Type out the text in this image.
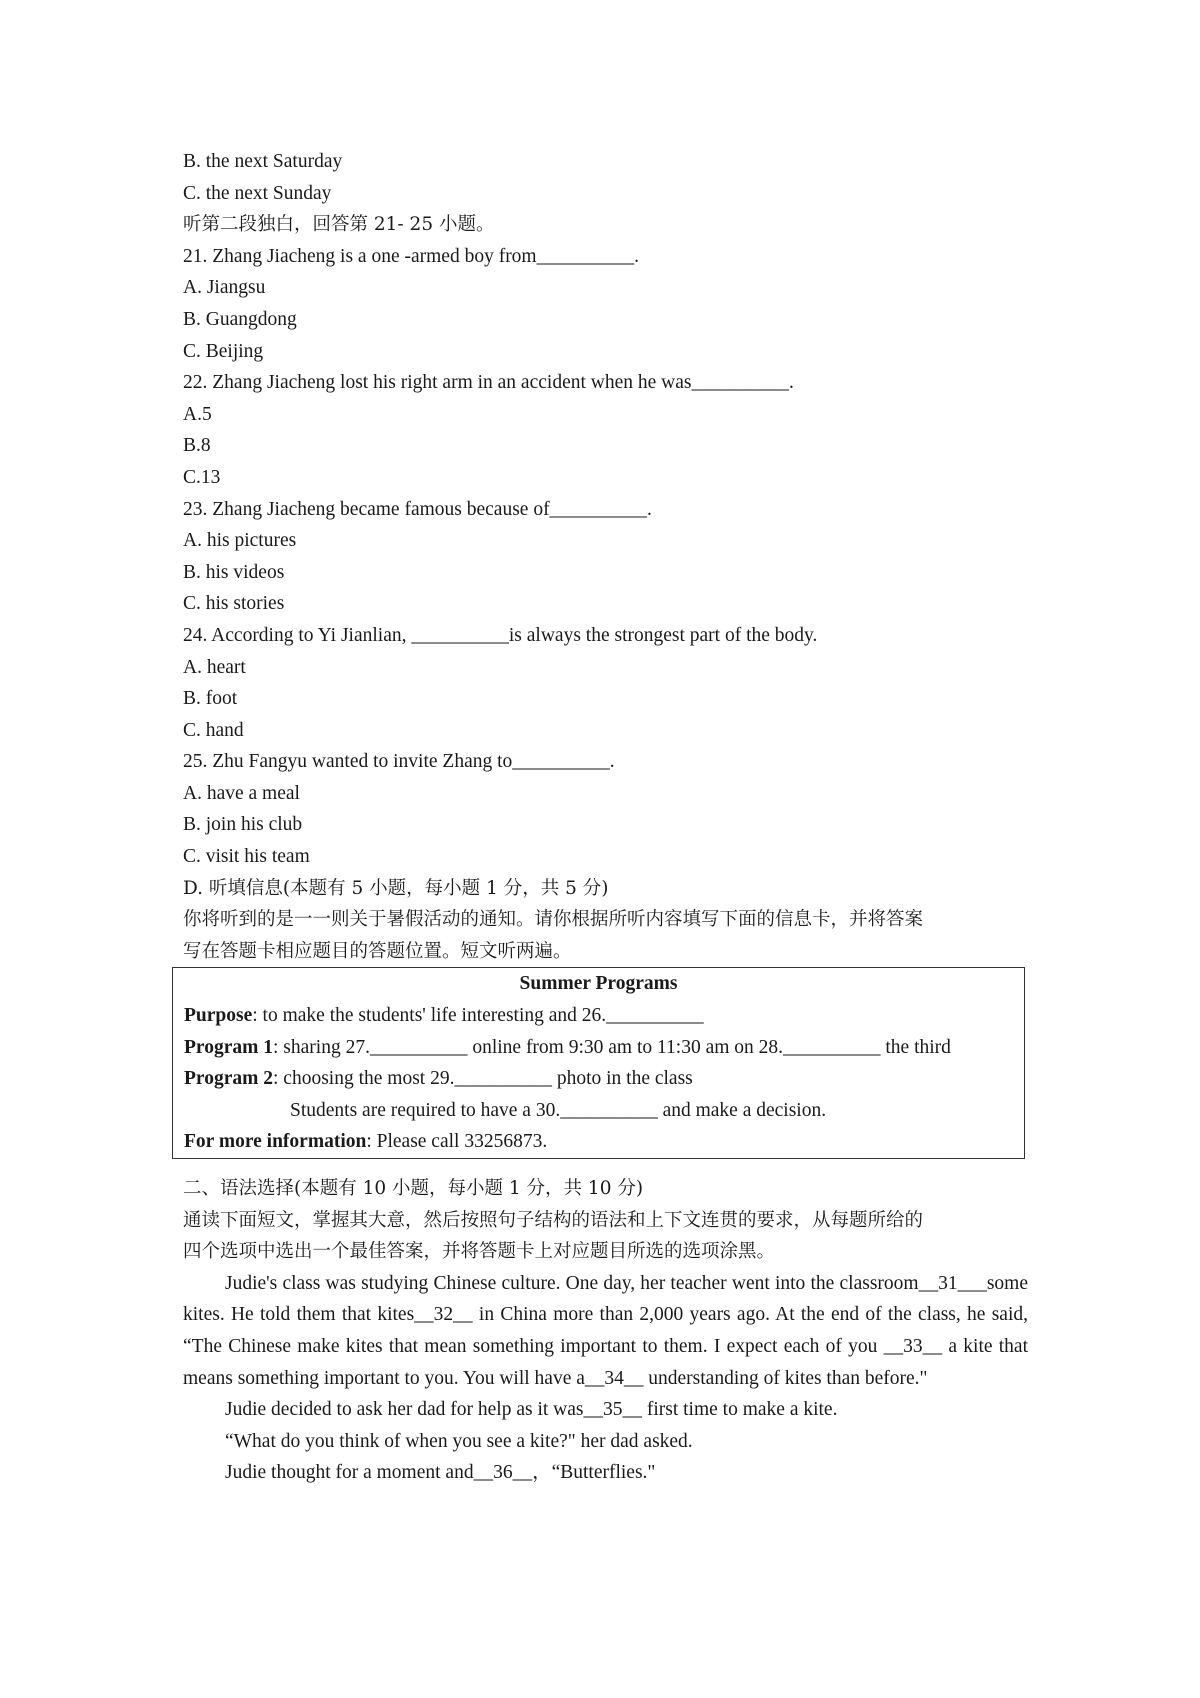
B. the next Saturday
C. the next Sunday
听第二段独白，回答第 21- 25 小题。
21. Zhang Jiacheng is a one -armed boy from__________.
A. Jiangsu
B. Guangdong
C. Beijing
22. Zhang Jiacheng lost his right arm in an accident when he was__________.
A.5
B.8
C.13
23. Zhang Jiacheng became famous because of__________.
A. his pictures
B. his videos
C. his stories
24. According to Yi Jianlian, __________is always the strongest part of the body.
A. heart
B. foot
C. hand
25. Zhu Fangyu wanted to invite Zhang to__________.
A. have a meal
B. join his club
C. visit his team
D. 听填信息(本题有 5 小题，每小题 1 分，共 5 分)
你将听到的是一一则关于暑假活动的通知。请你根据所听内容填写下面的信息卡，并将答案
写在答题卡相应题目的答题位置。短文听两遍。
Summer Programs
Purpose: to make the students' life interesting and 26.__________
Program 1: sharing 27.__________ online from 9:30 am to 11:30 am on 28.__________ the third
Program 2: choosing the most 29.__________ photo in the class
Students are required to have a 30.__________ and make a decision.
For more information: Please call 33256873.
二、语法选择(本题有 10 小题，每小题 1 分，共 10 分)
通读下面短文，掌握其大意，然后按照句子结构的语法和上下文连贯的要求，从每题所给的
四个选项中选出一个最佳答案，并将答题卡上对应题目所选的选项涂黑。
Judie's class was studying Chinese culture. One day, her teacher went into the classroom__31___some kites. He told them that kites__32__ in China more than 2,000 years ago. At the end of the class, he said, “The Chinese make kites that mean something important to them. I expect each of you __33__ a kite that means something important to you. You will have a__34__ understanding of kites than before."
Judie decided to ask her dad for help as it was__35__ first time to make a kite.
“What do you think of when you see a kite?" her dad asked.
Judie thought for a moment and__36__，“Butterflies."
